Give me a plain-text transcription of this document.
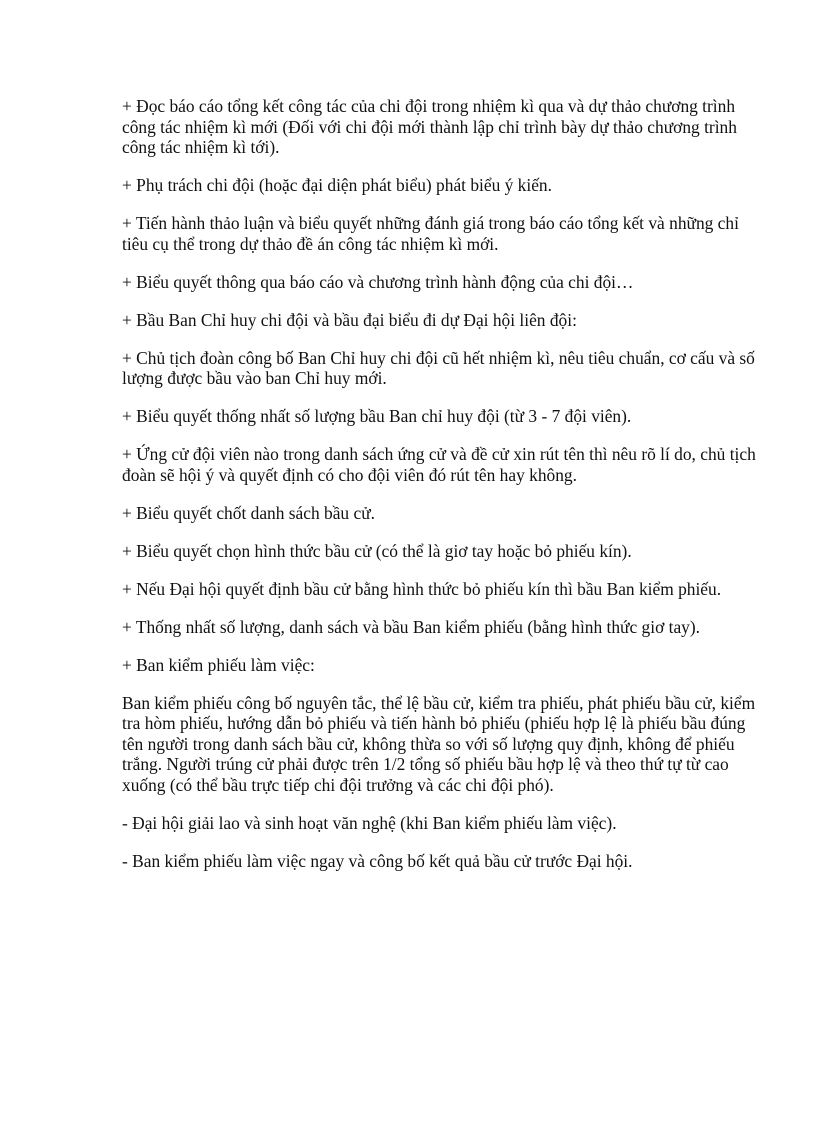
+ Đọc báo cáo tổng kết công tác của chi đội trong nhiệm kì qua và dự thảo chương trình công tác nhiệm kì mới (Đối với chi đội mới thành lập chỉ trình bày dự thảo chương trình công tác nhiệm kì tới).

+ Phụ trách chi đội (hoặc đại diện phát biểu) phát biểu ý kiến.

+ Tiến hành thảo luận và biểu quyết những đánh giá trong báo cáo tổng kết và những chỉ tiêu cụ thể trong dự thảo đề án công tác nhiệm kì mới.

+ Biểu quyết thông qua báo cáo và chương trình hành động của chi đội…

+ Bầu Ban Chỉ huy chi đội và bầu đại biểu đi dự Đại hội liên đội:

+ Chủ tịch đoàn công bố Ban Chỉ huy chi đội cũ hết nhiệm kì, nêu tiêu chuẩn, cơ cấu và số lượng được bầu vào ban Chỉ huy mới.

+ Biểu quyết thống nhất số lượng bầu Ban chỉ huy đội (từ 3 - 7 đội viên).

+ Ứng cử đội viên nào trong danh sách ứng cử và đề cử xin rút tên thì nêu rõ lí do, chủ tịch đoàn sẽ hội ý và quyết định có cho đội viên đó rút tên hay không.

+ Biểu quyết chốt danh sách bầu cử.

+ Biểu quyết chọn hình thức bầu cử (có thể là giơ tay hoặc bỏ phiếu kín).

+ Nếu Đại hội quyết định bầu cử bằng hình thức bỏ phiếu kín thì bầu Ban kiểm phiếu.

+ Thống nhất số lượng, danh sách và bầu Ban kiểm phiếu (bằng hình thức giơ tay).

+ Ban kiểm phiếu làm việc:

Ban kiểm phiếu công bố nguyên tắc, thể lệ bầu cử, kiểm tra phiếu, phát phiếu bầu cử, kiểm tra hòm phiếu, hướng dẫn bỏ phiếu và tiến hành bỏ phiếu (phiếu hợp lệ là phiếu bầu đúng tên người trong danh sách bầu cử, không thừa so với số lượng quy định, không để phiếu trắng. Người trúng cử phải được trên 1/2 tổng số phiếu bầu hợp lệ và theo thứ tự từ cao xuống (có thể bầu trực tiếp chi đội trưởng và các chi đội phó).

- Đại hội giải lao và sinh hoạt văn nghệ (khi Ban kiểm phiếu làm việc).

- Ban kiểm phiếu làm việc ngay và công bố kết quả bầu cử trước Đại hội.
